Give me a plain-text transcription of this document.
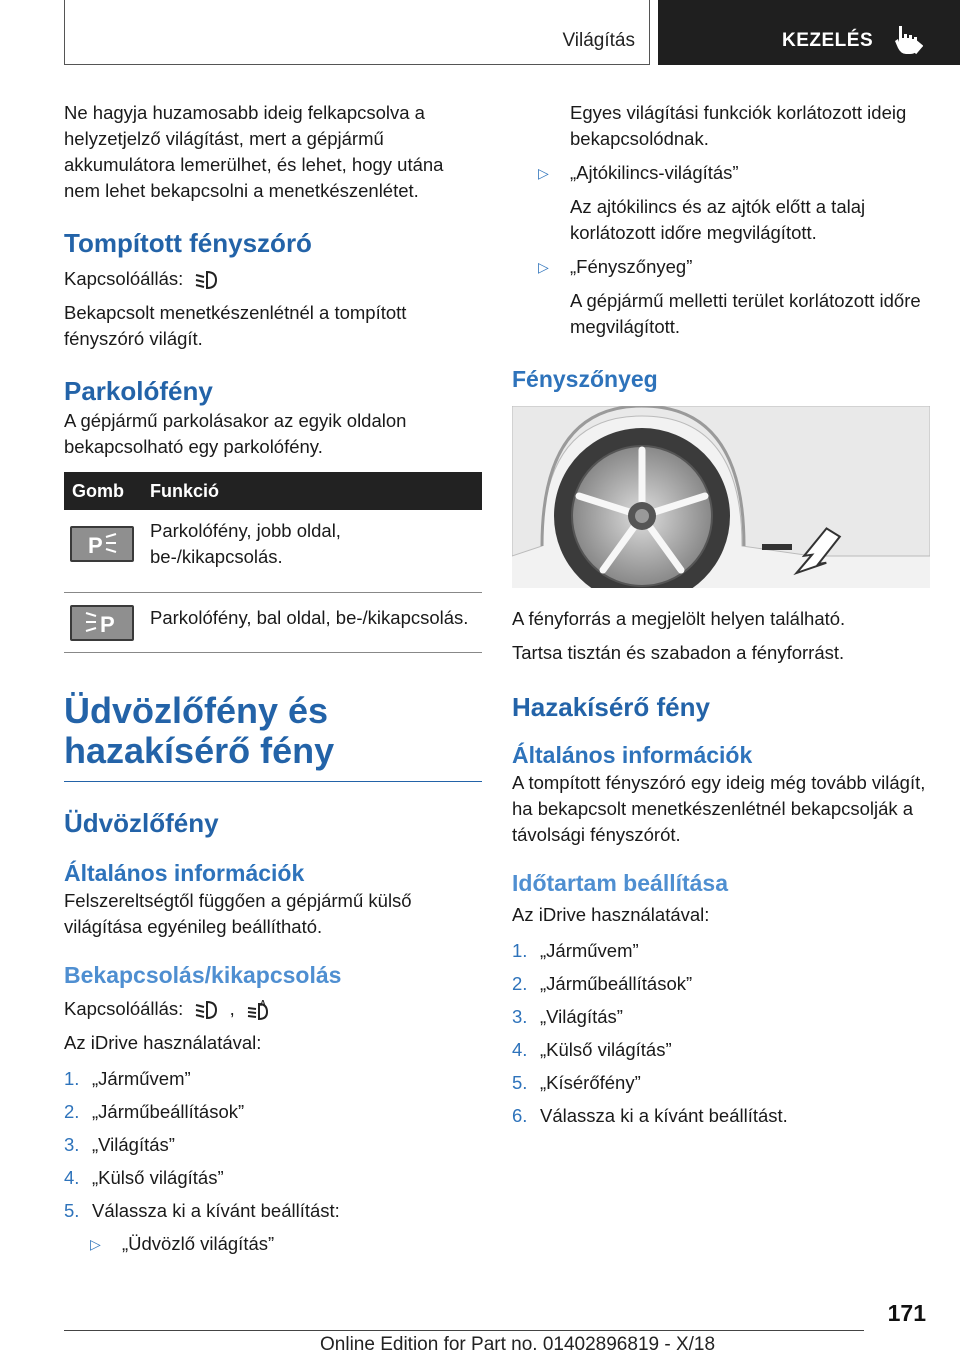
Világítás	KEZELÉS

Ne hagyja huzamosabb ideig felkapcsolva a helyzetjelző világítást, mert a gépjármű akkumulátora lemerülhet, és lehet, hogy utána nem lehet bekapcsolni a menetkészenlétet.

Tompított fényszóró

Kapcsolóállás:

Bekapcsolt menetkészenlétnél a tompított fényszóró világít.

Parkolófény

A gépjármű parkolásakor az egyik oldalon bekapcsolható egy parkolófény.

Gomb	Funkció

P	Parkolófény, jobb oldal, be-/kikapcsolás.

P	Parkolófény, bal oldal, be-/kikapcsolás.
Üdvözlőfény és hazakísérő fény
Üdvözlőfény
Általános információk

Felszereltségtől függően a gépjármű külső világítása egyénileg beállítható.

Bekapcsolás/kikapcsolás

Kapcsolóállás:	,	A

Az iDrive használatával:

1. „Járművem”
2. „Járműbeállítások”
3. „Világítás”
4. „Külső világítás”
5. Válassza ki a kívánt beállítást:
▷ „Üdvözlő világítás”

Egyes világítási funkciók korlátozott ideig bekapcsolódnak.

▷ „Ajtókilincs-világítás”

Az ajtókilincs és az ajtók előtt a talaj korlátozott időre megvilágított.

▷ „Fényszőnyeg”

A gépjármű melletti terület korlátozott időre megvilágított.

Fényszőnyeg

A fényforrás a megjelölt helyen található.

Tartsa tisztán és szabadon a fényforrást.

Hazakísérő fény
Általános információk

A tompított fényszóró egy ideig még tovább világít, ha bekapcsolt menetkészenlétnél bekapcsolják a távolsági fényszórót.

Időtartam beállítása

Az iDrive használatával:

1. „Járművem”
2. „Járműbeállítások”
3. „Világítás”
4. „Külső világítás”
5. „Kísérőfény”
6. Válassza ki a kívánt beállítást.
171
Online Edition for Part no. 01402896819 - X/18
